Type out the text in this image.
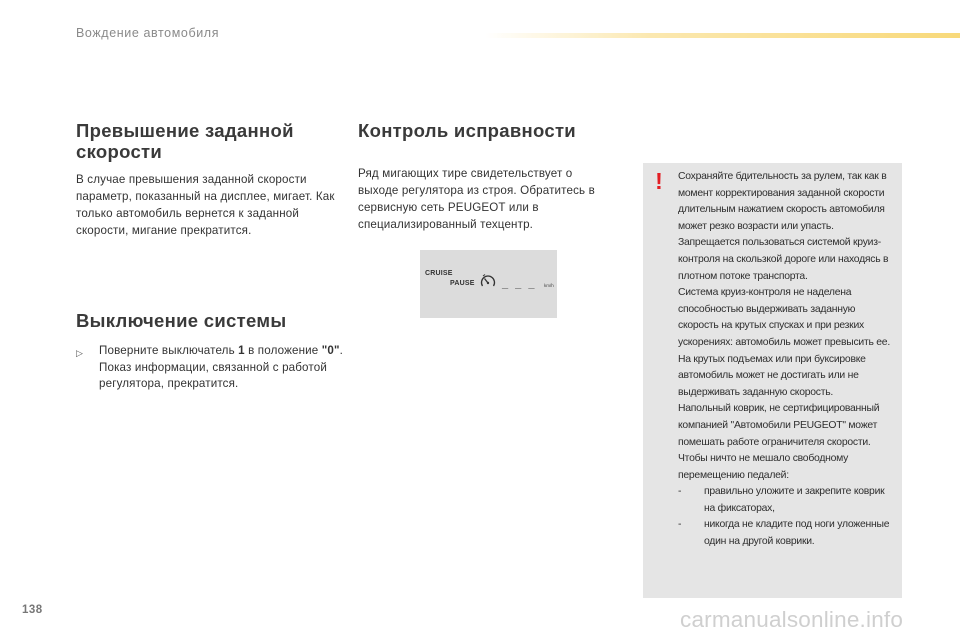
Вождение автомобиля
Превышение заданной скорости

В случае превышения заданной скорости параметр, показанный на дисплее, мигает. Как только автомобиль вернется к заданной скорости, мигание прекратится.

Выключение системы
▷	Поверните выключатель 1 в положение "0".
Показ информации, связанной с работой регулятора, прекратится.
Контроль исправности

Ряд мигающих тире свидетельствует о выходе регулятора из строя. Обратитесь в сервисную сеть PEUGEOT или в специализированный техцентр.

CRUISE
PAUSE _ _ _ km/h
! Сохраняйте бдительность за рулем, так как в
момент корректирования заданной скорости
длительным нажатием скорость автомобиля
может резко возрасти или упасть.
Запрещается пользоваться системой круиз-
контроля на скользкой дороге или находясь в
плотном потоке транспорта.
Система круиз-контроля не наделена
способностью выдерживать заданную
скорость на крутых спусках и при резких
ускорениях: автомобиль может превысить ее.
На крутых подъемах или при буксировке
автомобиль может не достигать или не
выдерживать заданную скорость.
Напольный коврик, не сертифицированный
компанией "Автомобили PEUGEOT" может
помешать работе ограничителя скорости.
Чтобы ничто не мешало свободному
перемещению педалей:
-	правильно уложите и закрепите коврик
на фиксаторах,
-	никогда не кладите под ноги уложенные
один на другой коврики.
138	carmanualsonline.info
